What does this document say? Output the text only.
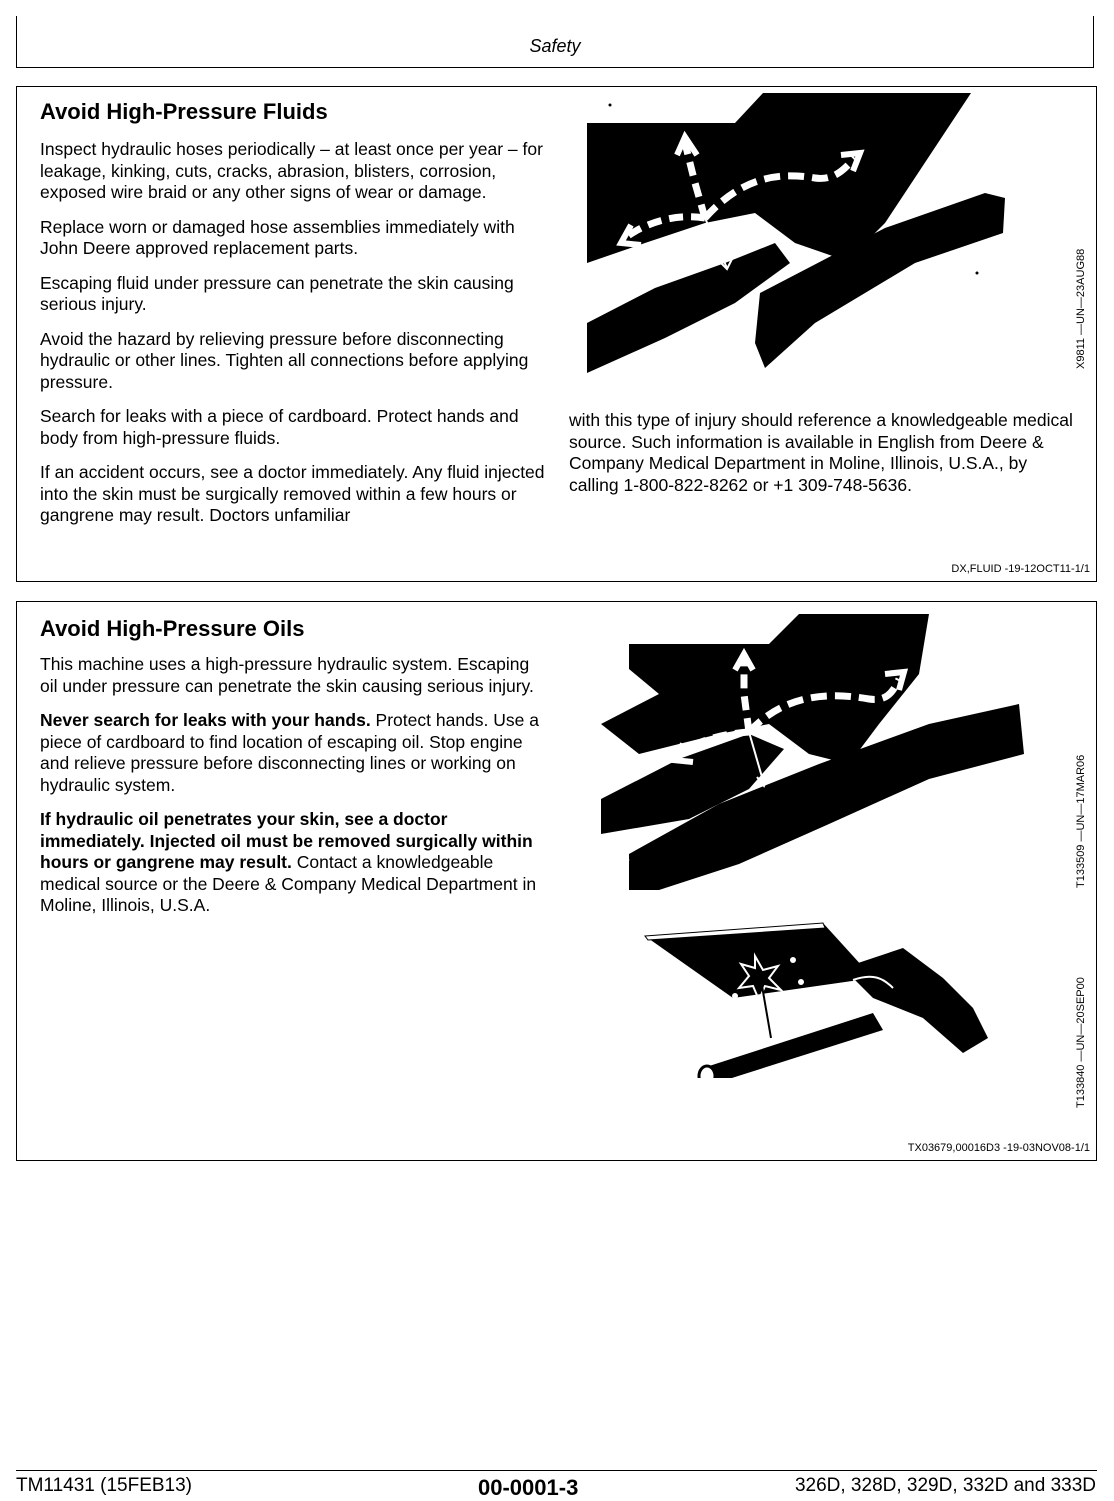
Safety
Avoid High-Pressure Fluids

Inspect hydraulic hoses periodically – at least once per year – for leakage, kinking, cuts, cracks, abrasion, blisters, corrosion, exposed wire braid or any other signs of wear or damage.

Replace worn or damaged hose assemblies immediately with John Deere approved replacement parts.

Escaping fluid under pressure can penetrate the skin causing serious injury.

Avoid the hazard by relieving pressure before disconnecting hydraulic or other lines. Tighten all connections before applying pressure.

Search for leaks with a piece of cardboard. Protect hands and body from high-pressure fluids.

If an accident occurs, see a doctor immediately. Any fluid injected into the skin must be surgically removed within a few hours or gangrene may result. Doctors unfamiliar

with this type of injury should reference a knowledgeable medical source. Such information is available in English from Deere & Company Medical Department in Moline, Illinois, U.S.A., by calling 1-800-822-8262 or +1 309-748-5636.

X9811 —UN—23AUG88
DX,FLUID -19-12OCT11-1/1
Avoid High-Pressure Oils

This machine uses a high-pressure hydraulic system. Escaping oil under pressure can penetrate the skin causing serious injury.

Never search for leaks with your hands. Protect hands. Use a piece of cardboard to find location of escaping oil. Stop engine and relieve pressure before disconnecting lines or working on hydraulic system.

If hydraulic oil penetrates your skin, see a doctor immediately. Injected oil must be removed surgically within hours or gangrene may result. Contact a knowledgeable medical source or the Deere & Company Medical Department in Moline, Illinois, U.S.A.

T133509 —UN—17MAR06
T133840 —UN—20SEP00
TX03679,00016D3 -19-03NOV08-1/1
TM11431 (15FEB13)	00-0001-3	326D, 328D, 329D, 332D and 333D
